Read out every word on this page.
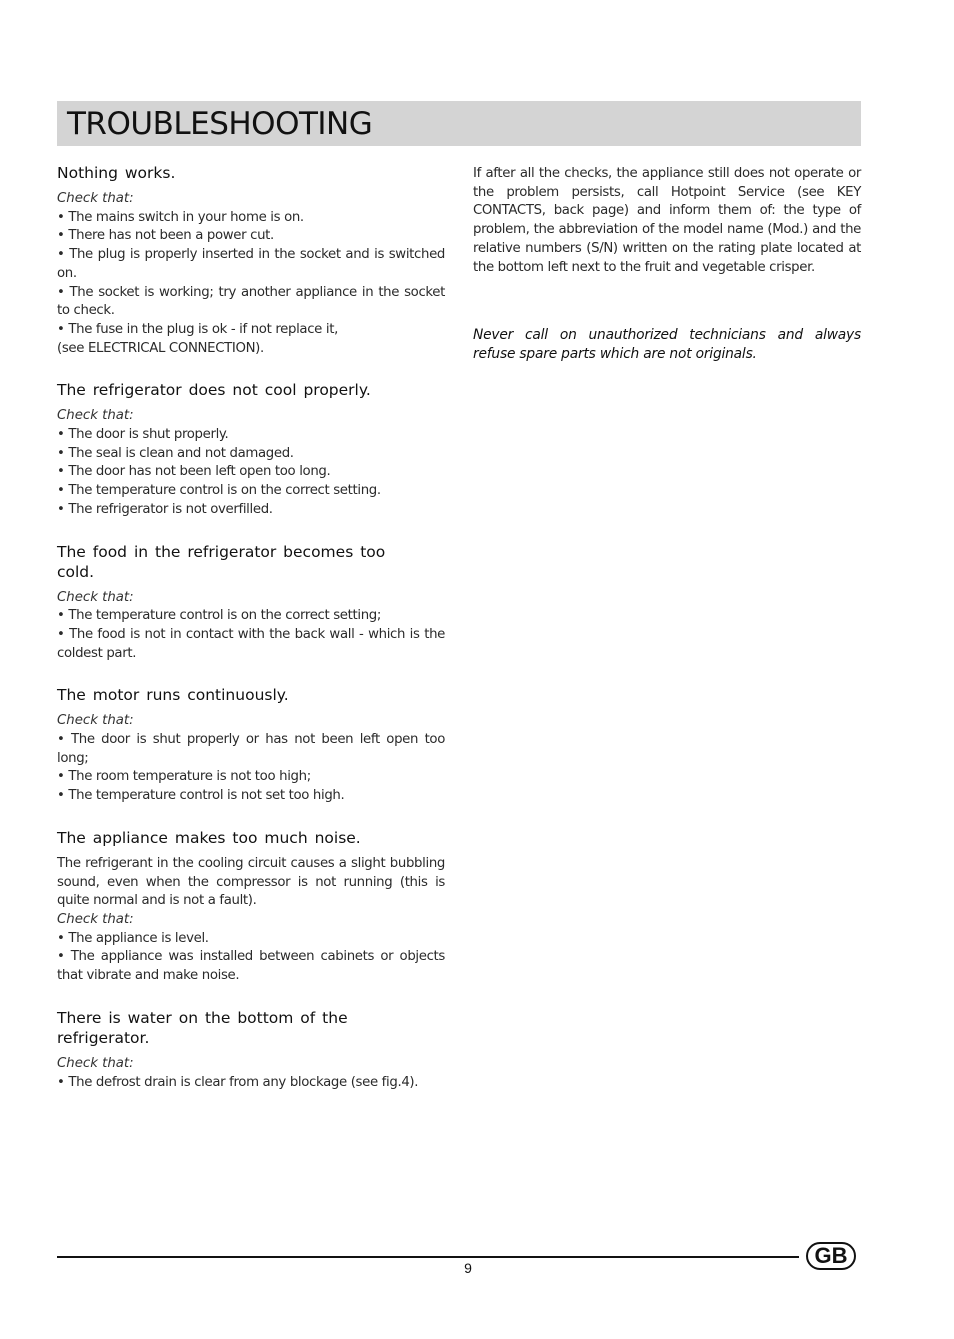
TROUBLESHOOTING
Nothing works.
Check that:
• The mains switch in your home is on.
• There has not been a power cut.
• The plug is properly inserted in the socket and is switched on.
• The socket is working; try another appliance in the socket to check.
• The fuse in the plug is ok - if not replace it,
(see ELECTRICAL CONNECTION).
The refrigerator does not cool properly.
Check that:
• The door is shut properly.
• The seal is clean and not damaged.
• The door has not been left open too long.
• The temperature control is on the correct setting.
• The refrigerator is not overfilled.
The food in the refrigerator becomes too cold.
Check that:
• The temperature control is on the correct setting;
• The food is not in contact with the back wall - which is the coldest part.
The motor runs continuously.
Check that:
• The door is shut properly or has not been left open too long;
• The room temperature is not too high;
• The temperature control is not set too high.
The appliance makes too much noise.
The refrigerant in the cooling circuit causes a slight bubbling sound, even when the compressor is not running (this is quite normal and is not a fault).
Check that:
• The appliance is level.
• The appliance was installed between cabinets or objects that vibrate and make noise.
There is water on the bottom of the refrigerator.
Check that:
• The defrost drain is clear from any blockage (see fig.4).
If after all the checks, the appliance still does not operate or the problem persists, call Hotpoint Service (see KEY CONTACTS, back page) and inform them of: the type of problem, the abbreviation of the model name (Mod.) and the relative numbers (S/N) written on the rating plate located at the bottom left next to the fruit and vegetable crisper.
Never call on unauthorized technicians and always refuse spare parts which are not originals.
9	GB
